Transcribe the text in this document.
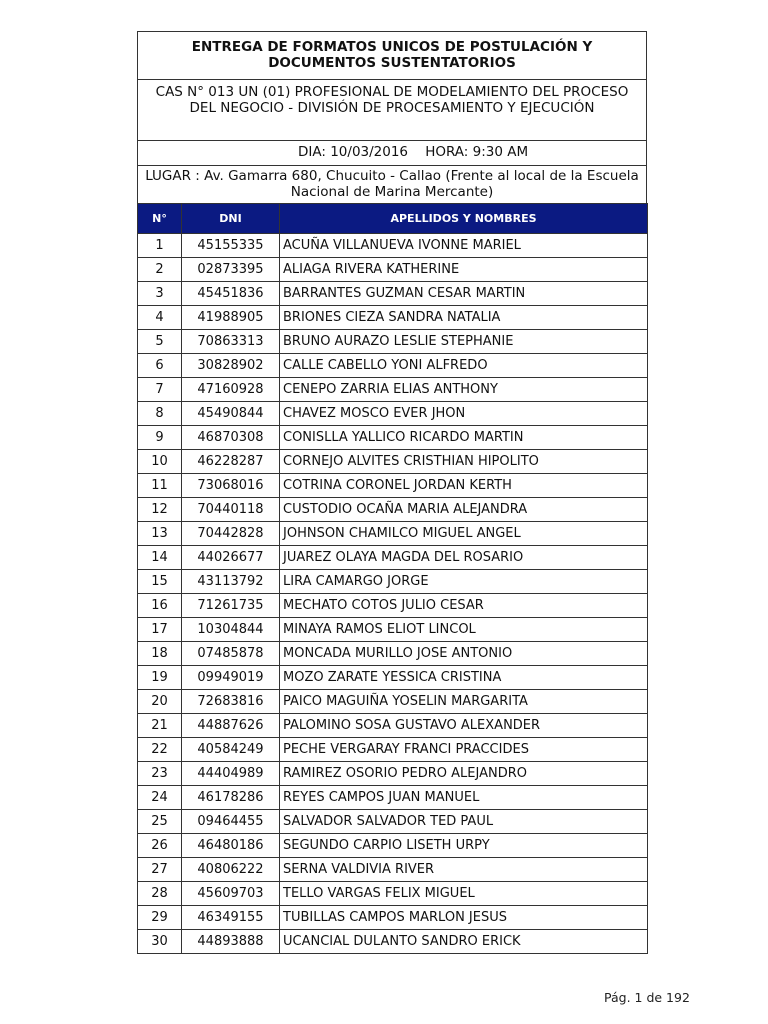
ENTREGA DE FORMATOS UNICOS DE POSTULACIÓN Y DOCUMENTOS SUSTENTATORIOS
CAS N° 013 UN (01) PROFESIONAL DE MODELAMIENTO DEL PROCESO DEL NEGOCIO - DIVISIÓN DE PROCESAMIENTO Y EJECUCIÓN
DIA: 10/03/2016    HORA: 9:30 AM
LUGAR : Av. Gamarra 680, Chucuito - Callao (Frente al local de la Escuela Nacional de Marina Mercante)
N°	DNI	APELLIDOS Y NOMBRES
1	45155335	ACUÑA VILLANUEVA IVONNE MARIEL
2	02873395	ALIAGA RIVERA KATHERINE
3	45451836	BARRANTES GUZMAN CESAR MARTIN
4	41988905	BRIONES CIEZA SANDRA NATALIA
5	70863313	BRUNO AURAZO LESLIE STEPHANIE
6	30828902	CALLE CABELLO YONI ALFREDO
7	47160928	CENEPO ZARRIA ELIAS ANTHONY
8	45490844	CHAVEZ MOSCO EVER JHON
9	46870308	CONISLLA YALLICO RICARDO MARTIN
10	46228287	CORNEJO ALVITES CRISTHIAN HIPOLITO
11	73068016	COTRINA CORONEL JORDAN KERTH
12	70440118	CUSTODIO OCAÑA MARIA ALEJANDRA
13	70442828	JOHNSON CHAMILCO MIGUEL ANGEL
14	44026677	JUAREZ OLAYA MAGDA DEL ROSARIO
15	43113792	LIRA CAMARGO JORGE
16	71261735	MECHATO COTOS JULIO CESAR
17	10304844	MINAYA RAMOS ELIOT LINCOL
18	07485878	MONCADA MURILLO JOSE ANTONIO
19	09949019	MOZO ZARATE YESSICA CRISTINA
20	72683816	PAICO MAGUIÑA YOSELIN MARGARITA
21	44887626	PALOMINO SOSA GUSTAVO ALEXANDER
22	40584249	PECHE VERGARAY FRANCI PRACCIDES
23	44404989	RAMIREZ OSORIO PEDRO ALEJANDRO
24	46178286	REYES CAMPOS JUAN MANUEL
25	09464455	SALVADOR SALVADOR TED PAUL
26	46480186	SEGUNDO CARPIO LISETH URPY
27	40806222	SERNA VALDIVIA RIVER
28	45609703	TELLO VARGAS FELIX MIGUEL
29	46349155	TUBILLAS CAMPOS MARLON JESUS
30	44893888	UCANCIAL DULANTO SANDRO ERICK
Pág. 1 de 192
